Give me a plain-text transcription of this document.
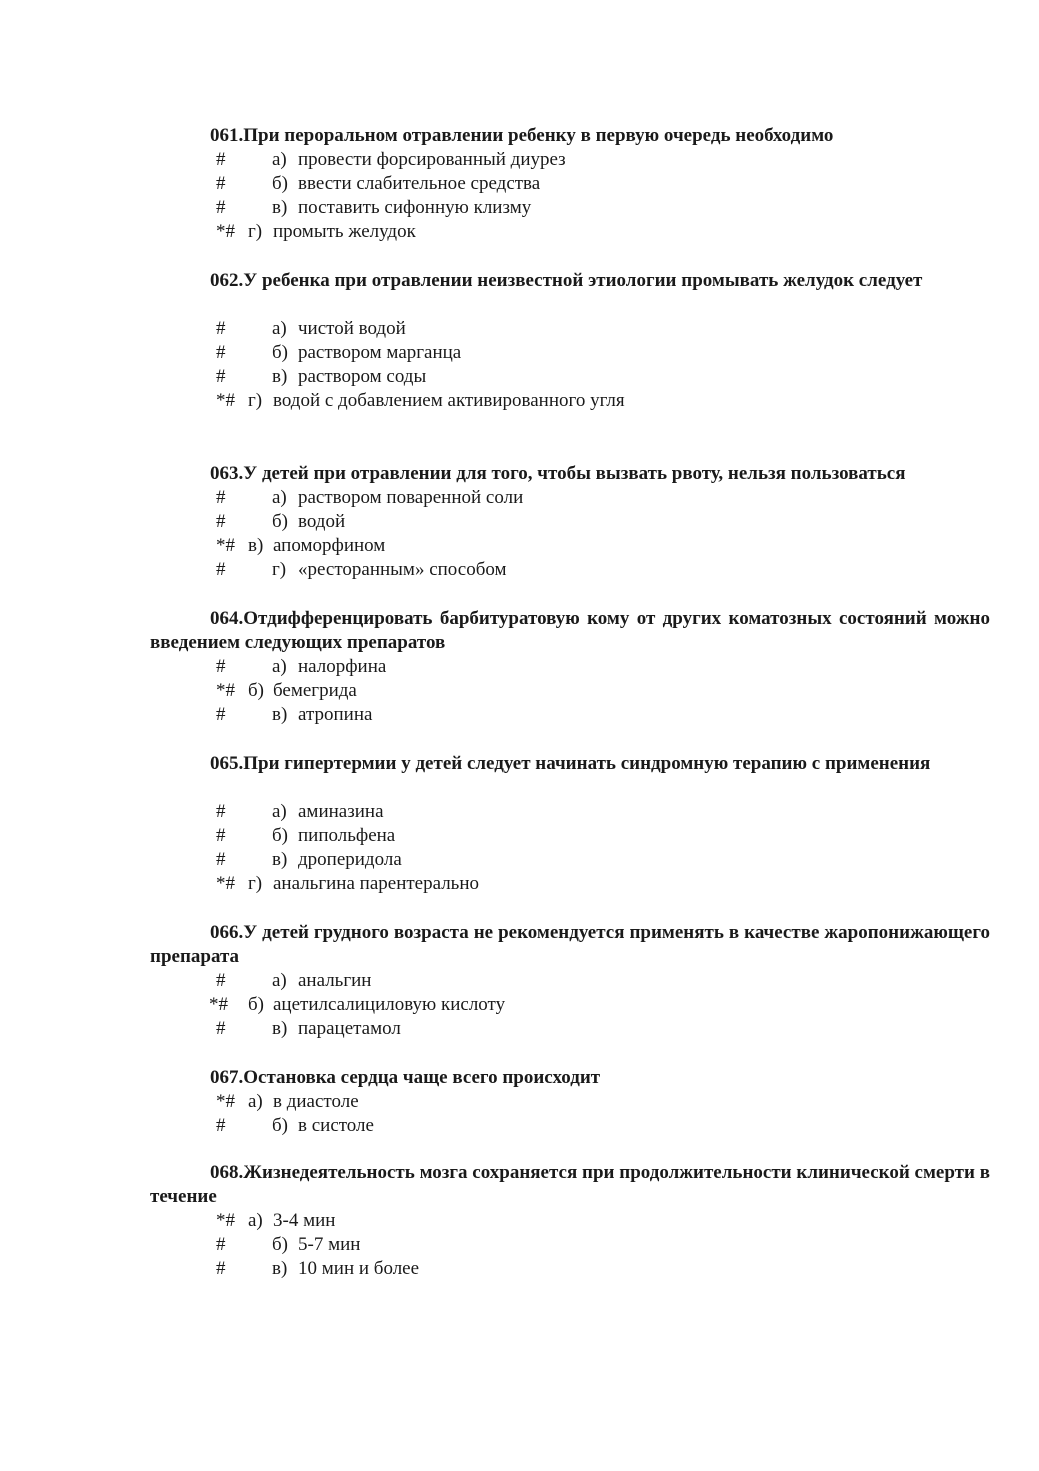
061.При пероральном отравлении ребенку в первую очередь необходимо
# а) провести форсированный диурез
# б) ввести слабительное средства
# в) поставить сифонную клизму
*# г) промыть желудок
062.У ребенка при отравлении неизвестной этиологии промывать желудок следует
# а) чистой водой
# б) раствором марганца
# в) раствором соды
*# г) водой с добавлением активированного угля
063.У детей при отравлении для того, чтобы вызвать рвоту, нельзя пользоваться
# а) раствором поваренной соли
# б) водой
*# в) апоморфином
# г) «ресторанным» способом
064.Отдифференцировать барбитуратовую кому от других коматозных состояний можно введением следующих препаратов
# а) налорфина
*# б) бемегрида
# в) атропина
065.При гипертермии у детей следует начинать синдромную терапию с применения
# а) аминазина
# б) пипольфена
# в) дроперидола
*# г) анальгина парентерально
066.У детей грудного возраста не рекомендуется применять в качестве жаропонижающего препарата
# а) анальгин
*# б) ацетилсалициловую кислоту
# в) парацетамол
067.Остановка сердца чаще всего происходит
*# а) в диастоле
# б) в систоле
068.Жизнедеятельность мозга сохраняется при продолжительности клинической смерти в течение
*# а) 3-4 мин
# б) 5-7 мин
# в) 10 мин и более
